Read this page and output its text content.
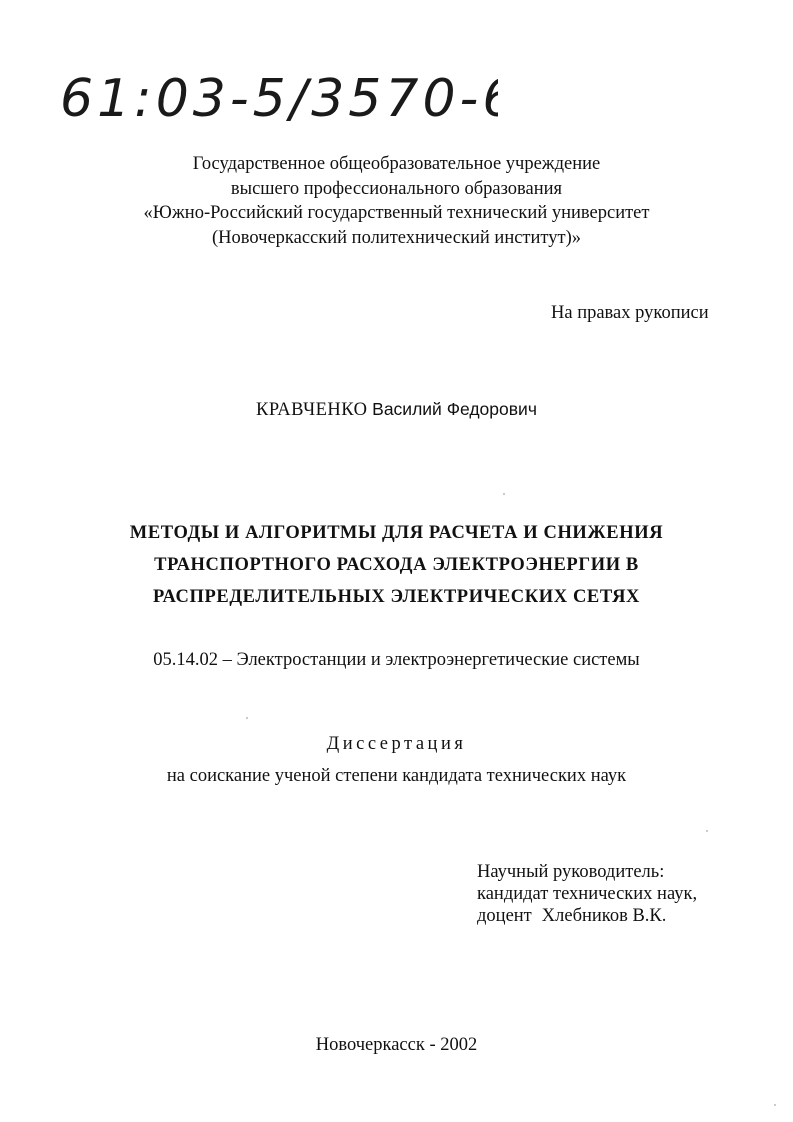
61:03-5/3570-6
Государственное общеобразовательное учреждение
высшего профессионального образования
«Южно-Российский государственный технический университет
(Новочеркасский политехнический институт)»
На правах рукописи
КРАВЧЕНКО Василий Федорович
МЕТОДЫ И АЛГОРИТМЫ ДЛЯ РАСЧЕТА И СНИЖЕНИЯ
ТРАНСПОРТНОГО РАСХОДА ЭЛЕКТРОЭНЕРГИИ В
РАСПРЕДЕЛИТЕЛЬНЫХ ЭЛЕКТРИЧЕСКИХ СЕТЯХ
05.14.02 – Электростанции и электроэнергетические системы
Диссертация
на соискание ученой степени кандидата технических наук
Научный руководитель:
кандидат технических наук,
доцент Хлебников В.К.
Новочеркасск - 2002
